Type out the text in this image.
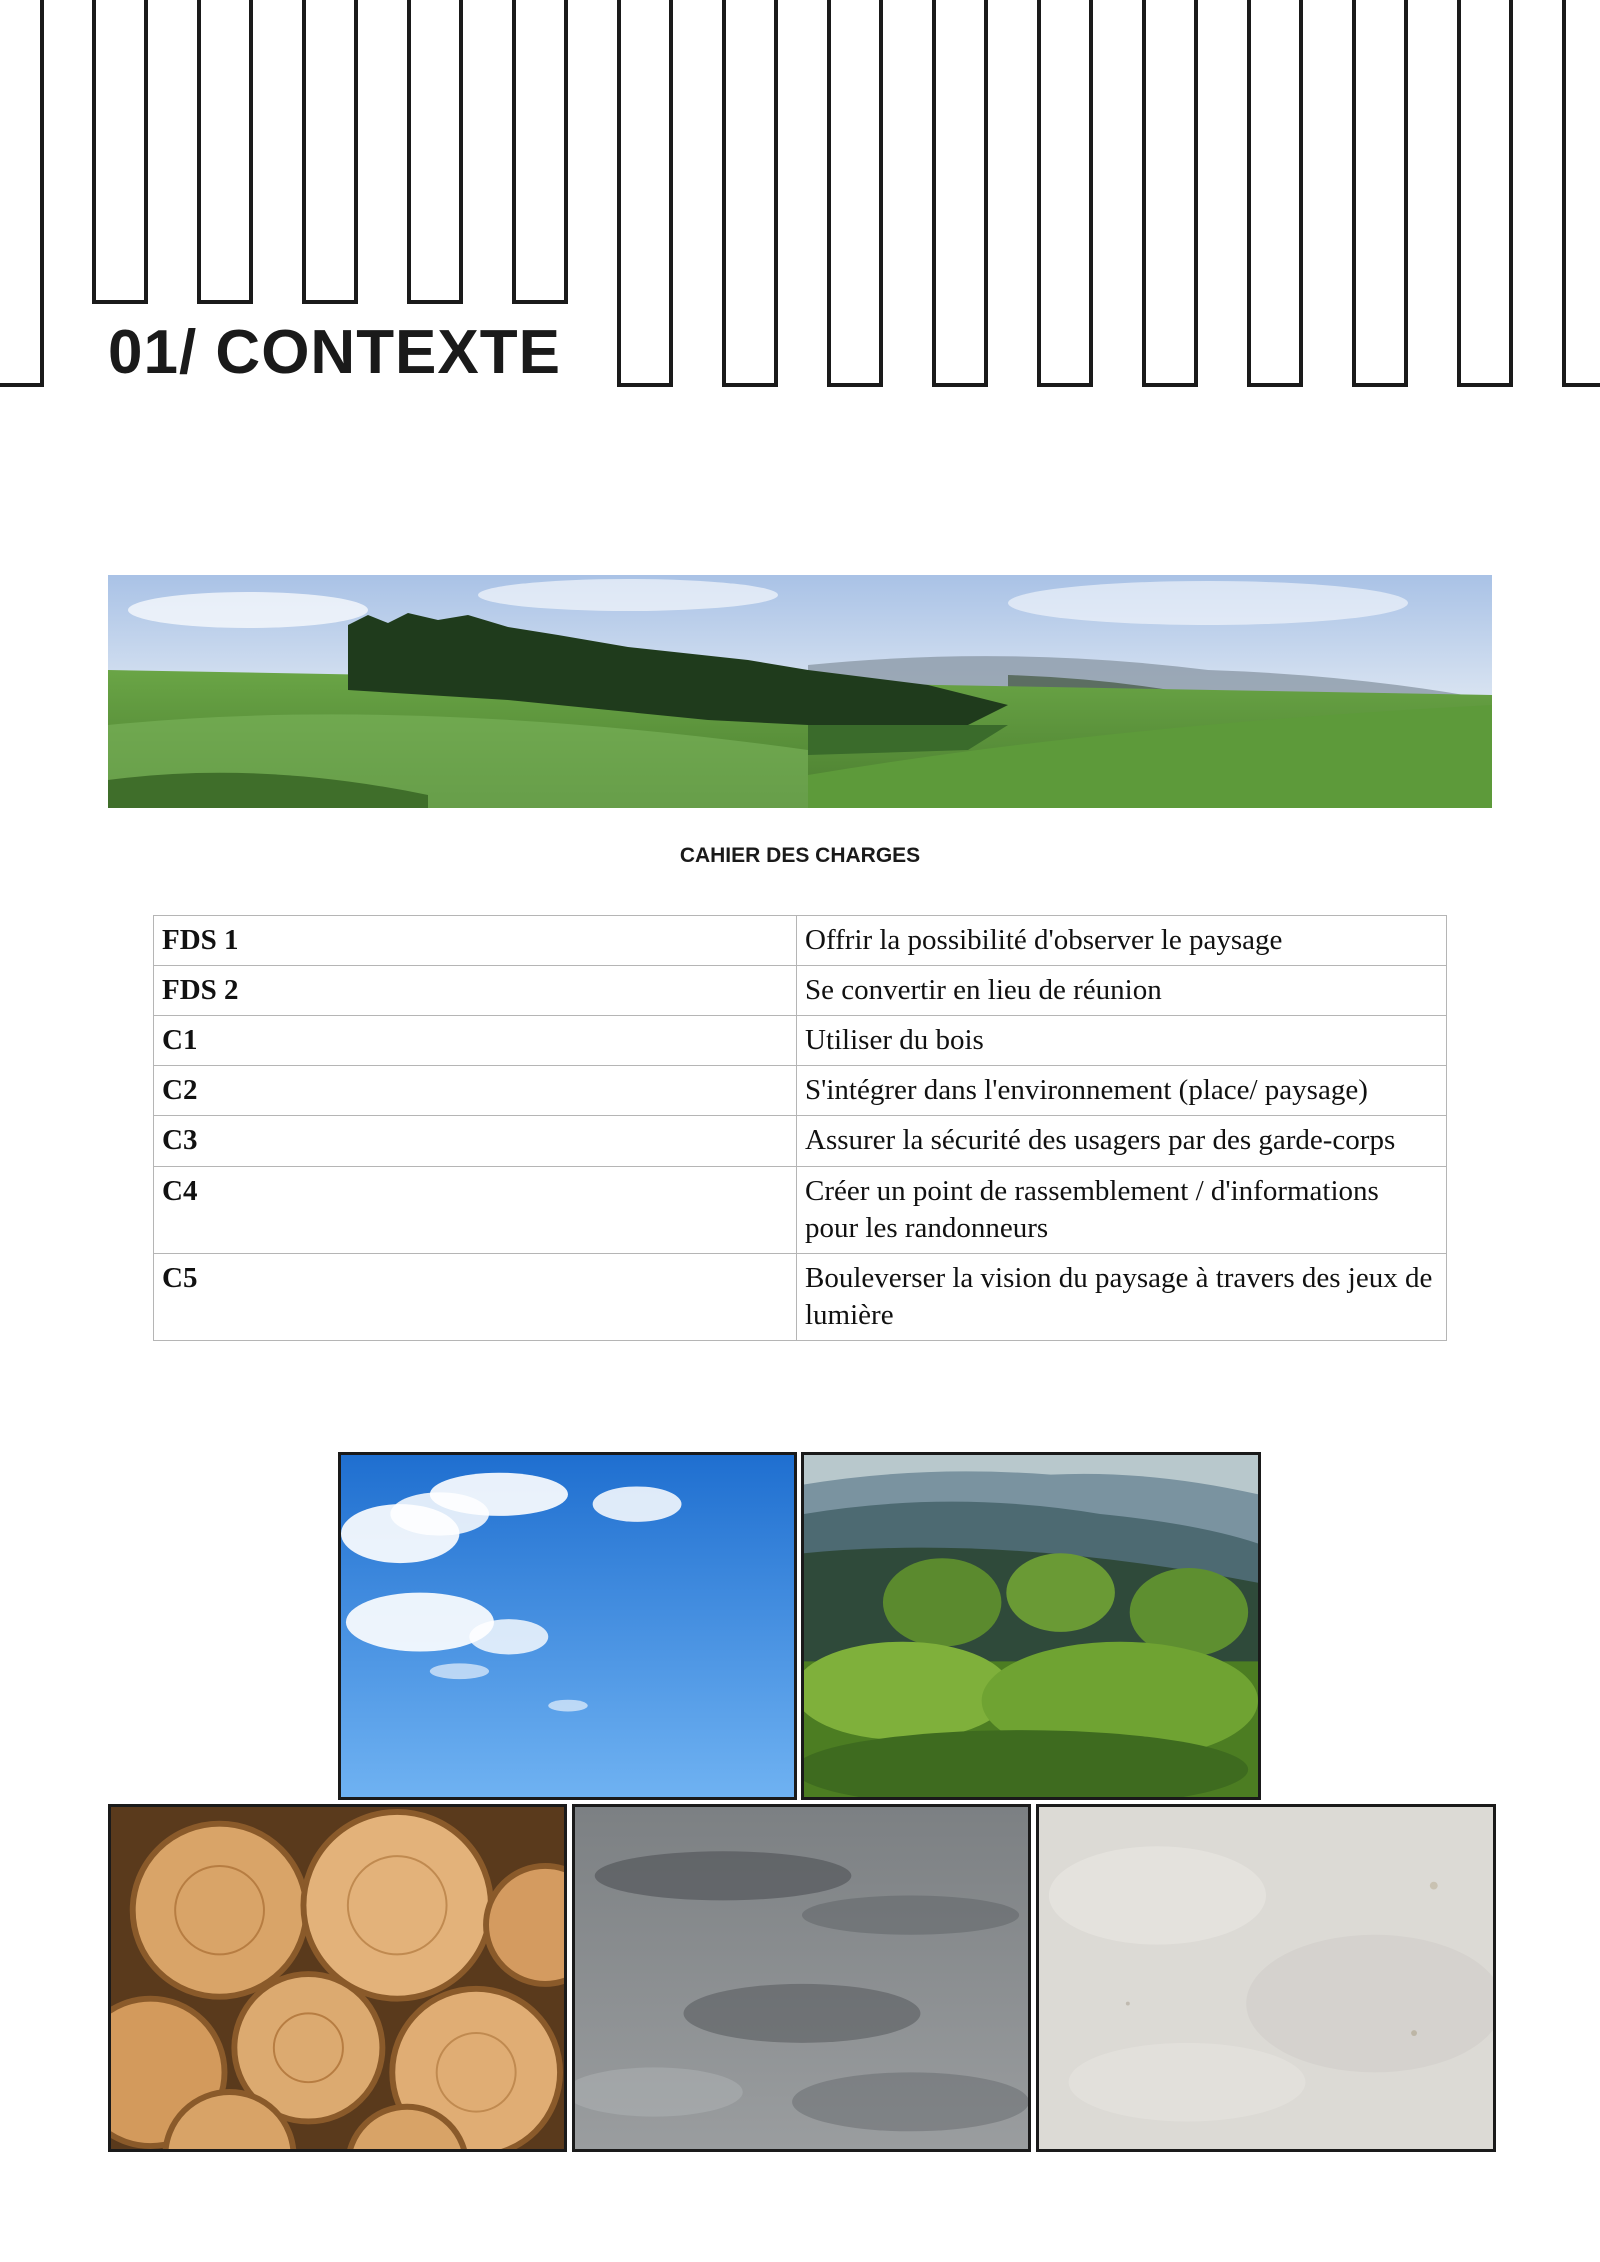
01/ CONTEXTE
CAHIER DES CHARGES
FDS 1	Offrir la possibilité d'observer le paysage
FDS 2	Se convertir en lieu de réunion
C1	Utiliser du bois
C2	S'intégrer dans l'environnement (place/ paysage)
C3	Assurer la sécurité des usagers par des garde-corps
C4	Créer un point de rassemblement / d'informations pour les randonneurs
C5	Bouleverser la vision du paysage à travers des jeux de lumière
